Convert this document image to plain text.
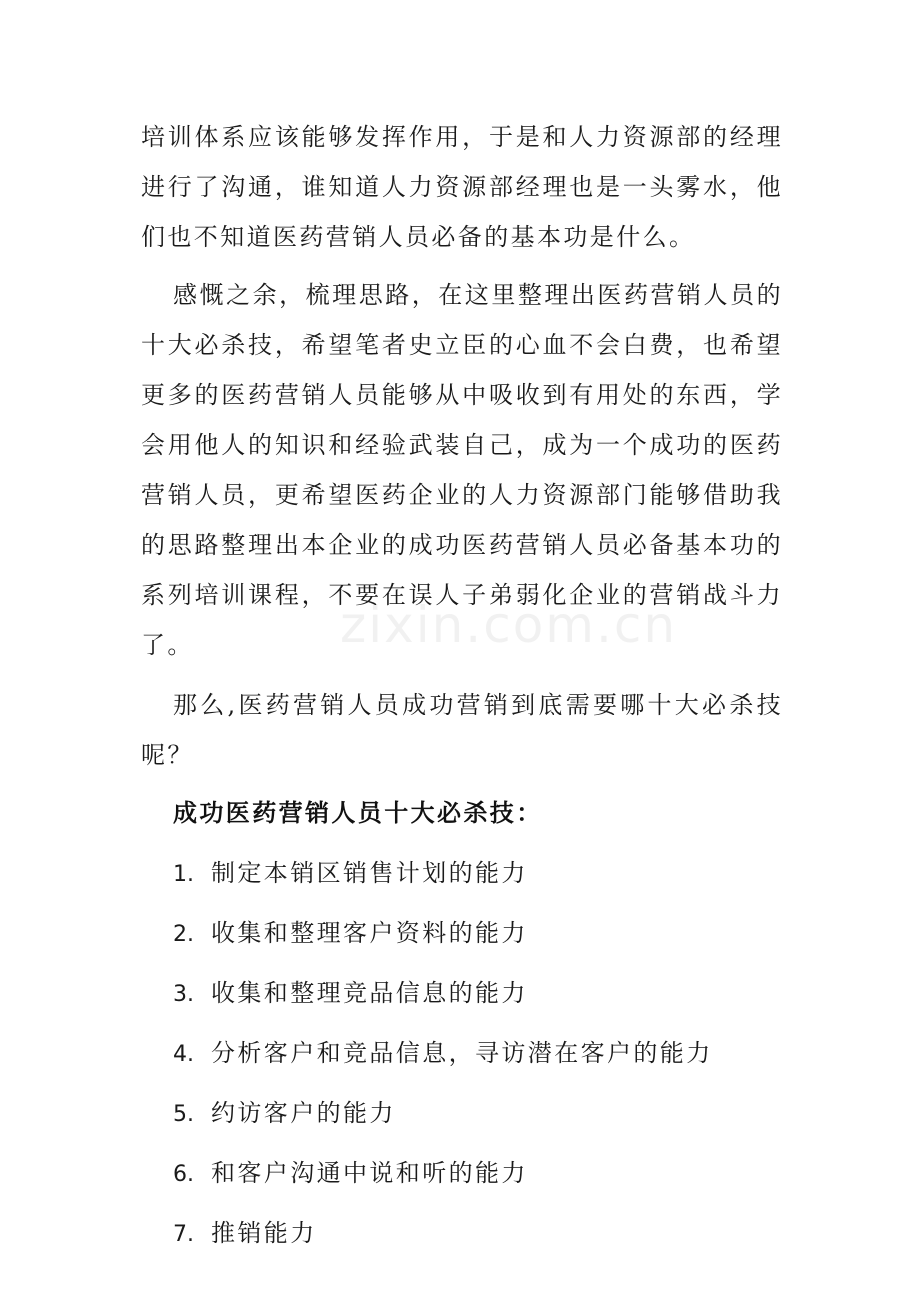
zixin.com.cn

培训体系应该能够发挥作用，于是和人力资源部的经理进行了沟通，谁知道人力资源部经理也是一头雾水，他们也不知道医药营销人员必备的基本功是什么。

感慨之余，梳理思路，在这里整理出医药营销人员的十大必杀技，希望笔者史立臣的心血不会白费，也希望更多的医药营销人员能够从中吸收到有用处的东西，学会用他人的知识和经验武装自己，成为一个成功的医药营销人员，更希望医药企业的人力资源部门能够借助我的思路整理出本企业的成功医药营销人员必备基本功的系列培训课程，不要在误人子弟弱化企业的营销战斗力了。

那么,医药营销人员成功营销到底需要哪十大必杀技呢？

成功医药营销人员十大必杀技：
1. 制定本销区销售计划的能力
2. 收集和整理客户资料的能力
3. 收集和整理竞品信息的能力
4. 分析客户和竞品信息，寻访潜在客户的能力
5. 约访客户的能力
6. 和客户沟通中说和听的能力
7. 推销能力
